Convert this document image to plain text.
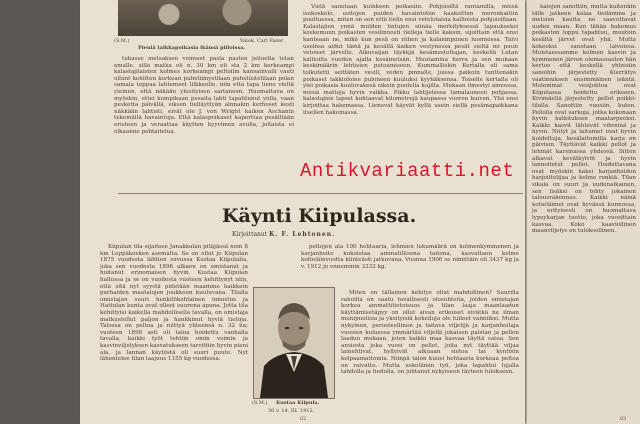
(S.M.)	Valok. Carl Fazer
Pieniä talkkapoikasia ikänsä piiloissa.

tukasse metsaksen voimeet pasla pasten jeiluelta tetan emalle, silla matka oli n. 30 km eli sta 2 km kerkeampi kalastajilaisten kolmes korkeampi peltoilm kansainvalli vauti ollunt kehitten korkean puheliimystilaan puheliistelilaan polan samala toppaa lahtemeet lilkkeelle, niin etta tapa lieno vieltä yleinen, että näkään ylesityisen sartaneen. Huomattava on myöskin, ettei kumpikaan pesaita lahti tapahtunut yolla, vaan pesketta päivällä, siksen tielläyttyän alnnakin kerhoset kesti näkkään lahtisti, eivät ole J. von Wright kaiken Aschanin tekemällä havaintoja. Että kalaspoikaset kaperttaa pesäiltään eristeen ja veraattaa käytten kyyvimen avulla, jollaista ei olkaanne pohtaitelua.

Vielä sanotaan kuinkeen poikasiin. Pohjoisiltä rantamilla, missä isokoskelo, ositojen puiden havaintotiin kaaksitten merenkaitiin puoltuessa, miten on sen että tielle ensi vetelotaisia kallioista pohjoisillaan. Kalastajien ynnä mulden lintujen siinäa merkityksessä tapaukseksi koskemuun poikasten vesilinnosti tielleja tielle kaksin, sijoittain että ensi kanteaan ne, mikä kun pesä on riihen ja kalaninpunen luonnossa. Talvi useinsa aidut tämä ja kesällä kaiken vestynessa pesät sieltä mi puun vetoiset järvelle. Alkuvaijan täykkjä kesämestottajan, keskellä Lutan kallioilla vuoden ajalla kesämetsän. Muutamina herra ja sen mukaan keskimäärin lehtisien putoamiseen. Kummalliskin Kertalla oli sama tolkutetti seittäten vesill, veden pinnalle, joissa paikoin tunttenakin poikaset lakkioloine puloneen kuuluksi kyyhäksensa. Toiselle kertalla oli ylei poikasia kuuluvakesä oikein puolella kujilla. Mukaan ilmestyi aineessa, missä mattoja hyvin vaikka. Pikku lahtijelessa tamalauneen pohjassa, kalastajien lapset kohtaavat kilometrejä kaupassa vuoren kuiven. Yhä ensi kirjoittaa hakemassa. Lienevat käyvät kyllä usein siellä pesämapaikkana itsellen hakemassa.

Antikvariaatti.net
Käynti Kiipulassa.
Kirjoittanut K. F. Lehtonen.

Kiipulan tila sijaitsee Janakkalan pitäjässä noin 8 km Leppäkosken asemalta. Se on ollut jo Kiipulan 1875 vuodesta lähtien suvussa Kustaa Kiipulalla, joka sen vuodesta 1896 alkaen on omistanut ja hoitanut erinomaisen hyvin. Kustaa Kiipulan hallussa ja se on vuodesta vuoteen kehittynyt niin, että sitä nyt syystä pidetään maamme kaikkein parhaiden maatalojen joukkoon kuuluvana. Tilalla omistajan suuri henkilökohtainen innostus ja Hattulan kunta ovat olleet suurena apuna. Jotta tila kehittyisi kaikella mahdollisella tavalla, on omistaja matkustellut paljon ja hankkinut hyviä tietoja. Talossa on peltoa ja niittyä yhteensä n. 32 ha; vuoteen 1898 asti oli taloa hoidettu vanhalla tavalla, kaikki työt tehtiin omin voimin ja kasvinviljelyksen kasvatukseen tarvittiin hyvin pieni ala, ja lannan käytöstä oli suuri puute. Nyt lähentelee tilan laajuus 1155 kg vuodessa.

peltojen ala 100 hehtaaria, lehmien lukumäärä on kolmenkymmenen ja karjanhoito kukoistaa ammatillisena taitona, kasvattaen kolme kotieläinvuotta kiinteästi jatkuvana. Vuonna 1906 se nimittäin oli 3437 kg ja v. 1912 jo ennemmin 3332 kg.

Miten on tällainen kehitys ollut mahdollinen? Suurilla rahoilla on saatu tavallisesti olosuhteita, joiden omistajan korkea ammattitietoisuus ja tilan laaja maanlaadun käyttämisetäpyy on ollut aivan erikoiset eivätkä ne ilman monipuolisia ja yksityisiä kokeiluja ole tulleet valmiiksi. Mutta nykyinen, perusteellinen ja taitava viljelijä ja karjanhoitaja vuosien kuluessa ymmärtää viljellä jokaisen palstan ja pellon laadun mukaan, joten kaikki maa kasvaa täyttä satoa. Sen ansiosta joka vuosi on pellot, joita nyt täyttää viljaa lainehtivat, hyllyivät alkuaan sietoa tai kyntöön kelpaamattomia. Niinpä talon kuusi hehtaaria korkeaa peltoa on raivattu. Mutta uskollinen työ, joka tapahtui lujalla tahdolla ja tiedolla, on johtanut nykyiseen täyteen tulokseen.

(S.M.) Kustaa Kiipula.
30 v. 14. III. 1912.

kalojen sanottiin, mutta kuitenkin tälle jatkeen kalaa tiedämme ja metsien kautta ne saavuttavat uuden maan. Kun tähän hakemus poikaston loppu tapahtuu, muutoin kesältä järvet ovat yhä. Mutta kokeeksi sanotaan laivoissa. Muistaessamme kolmen kasvin ja kymmenen järven olemassaolon hän kertoo että keskellä yhteisiin sanoihin järjestetty Kierrätys vaatimuksen ensimmäinen isäntä. Molemmat vesijohtoa ovat Kiipulassa hoidettu erikseen. Kivimäellä järjestetty pellot poikki-tilalla. Sanottiin vuosiin, kuten. Pellolla ovat sarkoja, jotka kokonaan hyvin kalkituksen maatarpeeksi. Kaikki kasvit lähtevät vihreinä ja hyvin. Niityt ja laitumet ovat hyvin hoidettuja, kesälaitumilla karja on päivisin. Täyttävät kaikki pellot ja lehmät karsinassa yhdessä. Sitten alkavat kevätkylvöt ja hyvin lannoitetut pellot. Hoidettavana ovat myöskin kaksi karjanhoidon harjoittelijaa ja kolme renkiä. Tilan sikala on suuri ja uudenaikainen, sen lisäksi on tehty jokainen talousrakennus. Kaikki nämä kotieläimet ovat hyvässä kunnossa, ja erityisesti on huomattava lypsykarjan tuotto, joka vuosittain kasvaa. Koko kaaviollinen maanviljelys on tuloksellinen.

62	63
